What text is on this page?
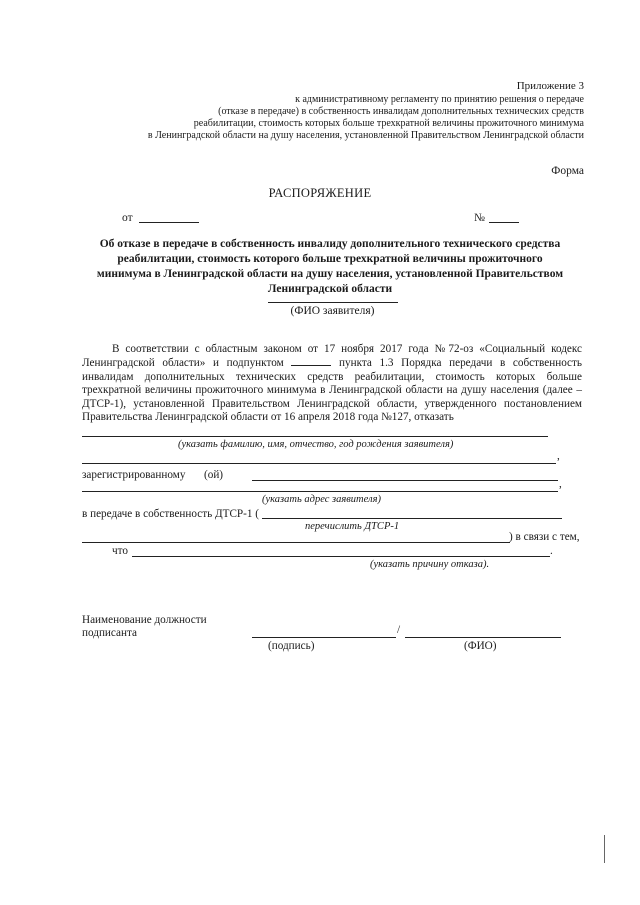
Приложение 3
к административному регламенту по принятию решения о передаче
(отказе в передаче) в собственность инвалидам дополнительных технических средств
реабилитации, стоимость которых больше трехкратной величины прожиточного минимума
в Ленинградской области на душу населения, установленной Правительством Ленинградской области
Форма
РАСПОРЯЖЕНИЕ
от	№
Об отказе в передаче в собственность инвалиду дополнительного технического средства реабилитации, стоимость которого больше трехкратной величины прожиточного минимума в Ленинградской области на душу населения, установленной Правительством Ленинградской области
(ФИО заявителя)
В соответствии с областным законом от 17 ноября 2017 года №72-оз «Социальный кодекс Ленинградской области» и подпунктом	пункта 1.3 Порядка передачи в собственность инвалидам дополнительных технических средств реабилитации, стоимость которых больше трехкратной величины прожиточного минимума в Ленинградской области на душу населения (далее – ДТСР-1), установленной Правительством Ленинградской области, утвержденного постановлением Правительства Ленинградской области от 16 апреля 2018 года №127, отказать
(указать фамилию, имя, отчество, год рождения заявителя)
,
зарегистрированному (ой)
,
(указать адрес заявителя)
в передаче в собственность ДТСР-1 (
перечислить ДТСР-1
) в связи с тем,
что	.
(указать причину отказа).
Наименование должности
подписанта	/
(подпись)	(ФИО)
